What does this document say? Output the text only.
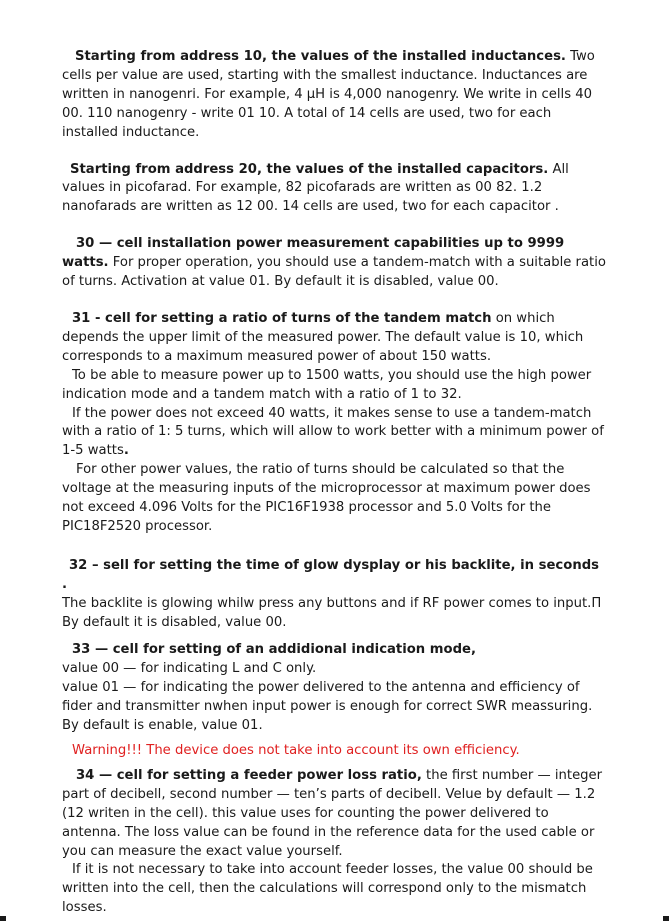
Starting from address 10, the values of the installed inductances. Two cells per value are used, starting with the smallest inductance. Inductances are written in nanogenri. For example, 4 µH is 4,000 nanogenry. We write in cells 40 00. 110 nanogenry - write 01 10. A total of 14 cells are used, two for each installed inductance.

Starting from address 20, the values of the installed capacitors. All values in picofarad. For example, 82 picofarads are written as 00 82. 1.2 nanofarads are written as 12 00. 14 cells are used, two for each capacitor .

30 — cell installation power measurement capabilities up to 9999 watts. For proper operation, you should use a tandem-match with a suitable ratio of turns. Activation at value 01. By default it is disabled, value 00.

31 - cell for setting a ratio of turns of the tandem match on which depends the upper limit of the measured power. The default value is 10, which corresponds to a maximum measured power of about 150 watts.

To be able to measure power up to 1500 watts, you should use the high power indication mode and a tandem match with a ratio of 1 to 32.

If the power does not exceed 40 watts, it makes sense to use a tandem-match with a ratio of 1: 5 turns, which will allow to work better with a minimum power of 1-5 watts.

For other power values, the ratio of turns should be calculated so that the voltage at the measuring inputs of the microprocessor at maximum power does not exceed 4.096 Volts for the PIC16F1938 processor and 5.0 Volts for the PIC18F2520 processor.

32 – sell for setting the time of glow dysplay or his backlite, in seconds .

The backlite is glowing whilw press any buttons and if RF power comes to input.П

By default it is disabled, value 00.

33 — cell for setting of an addidional indication mode,

value 00 — for indicating L and C only.

value 01 — for indicating the power delivered to the antenna and efficiency of fider and transmitter nwhen input power is enough for correct SWR meassuring.

By default is enable, value 01.

Warning!!! The device does not take into account its own efficiency.

34 — cell for setting a feeder power loss ratio, the first number — integer part of decibell, second number — ten’s parts of decibell. Velue by default — 1.2 (12 writen in the cell). this value uses for counting the power delivered to antenna. The loss value can be found in the reference data for the used cable or you can measure the exact value yourself.

If it is not necessary to take into account feeder losses, the value 00 should be written into the cell, then the calculations will correspond only to the mismatch losses.
